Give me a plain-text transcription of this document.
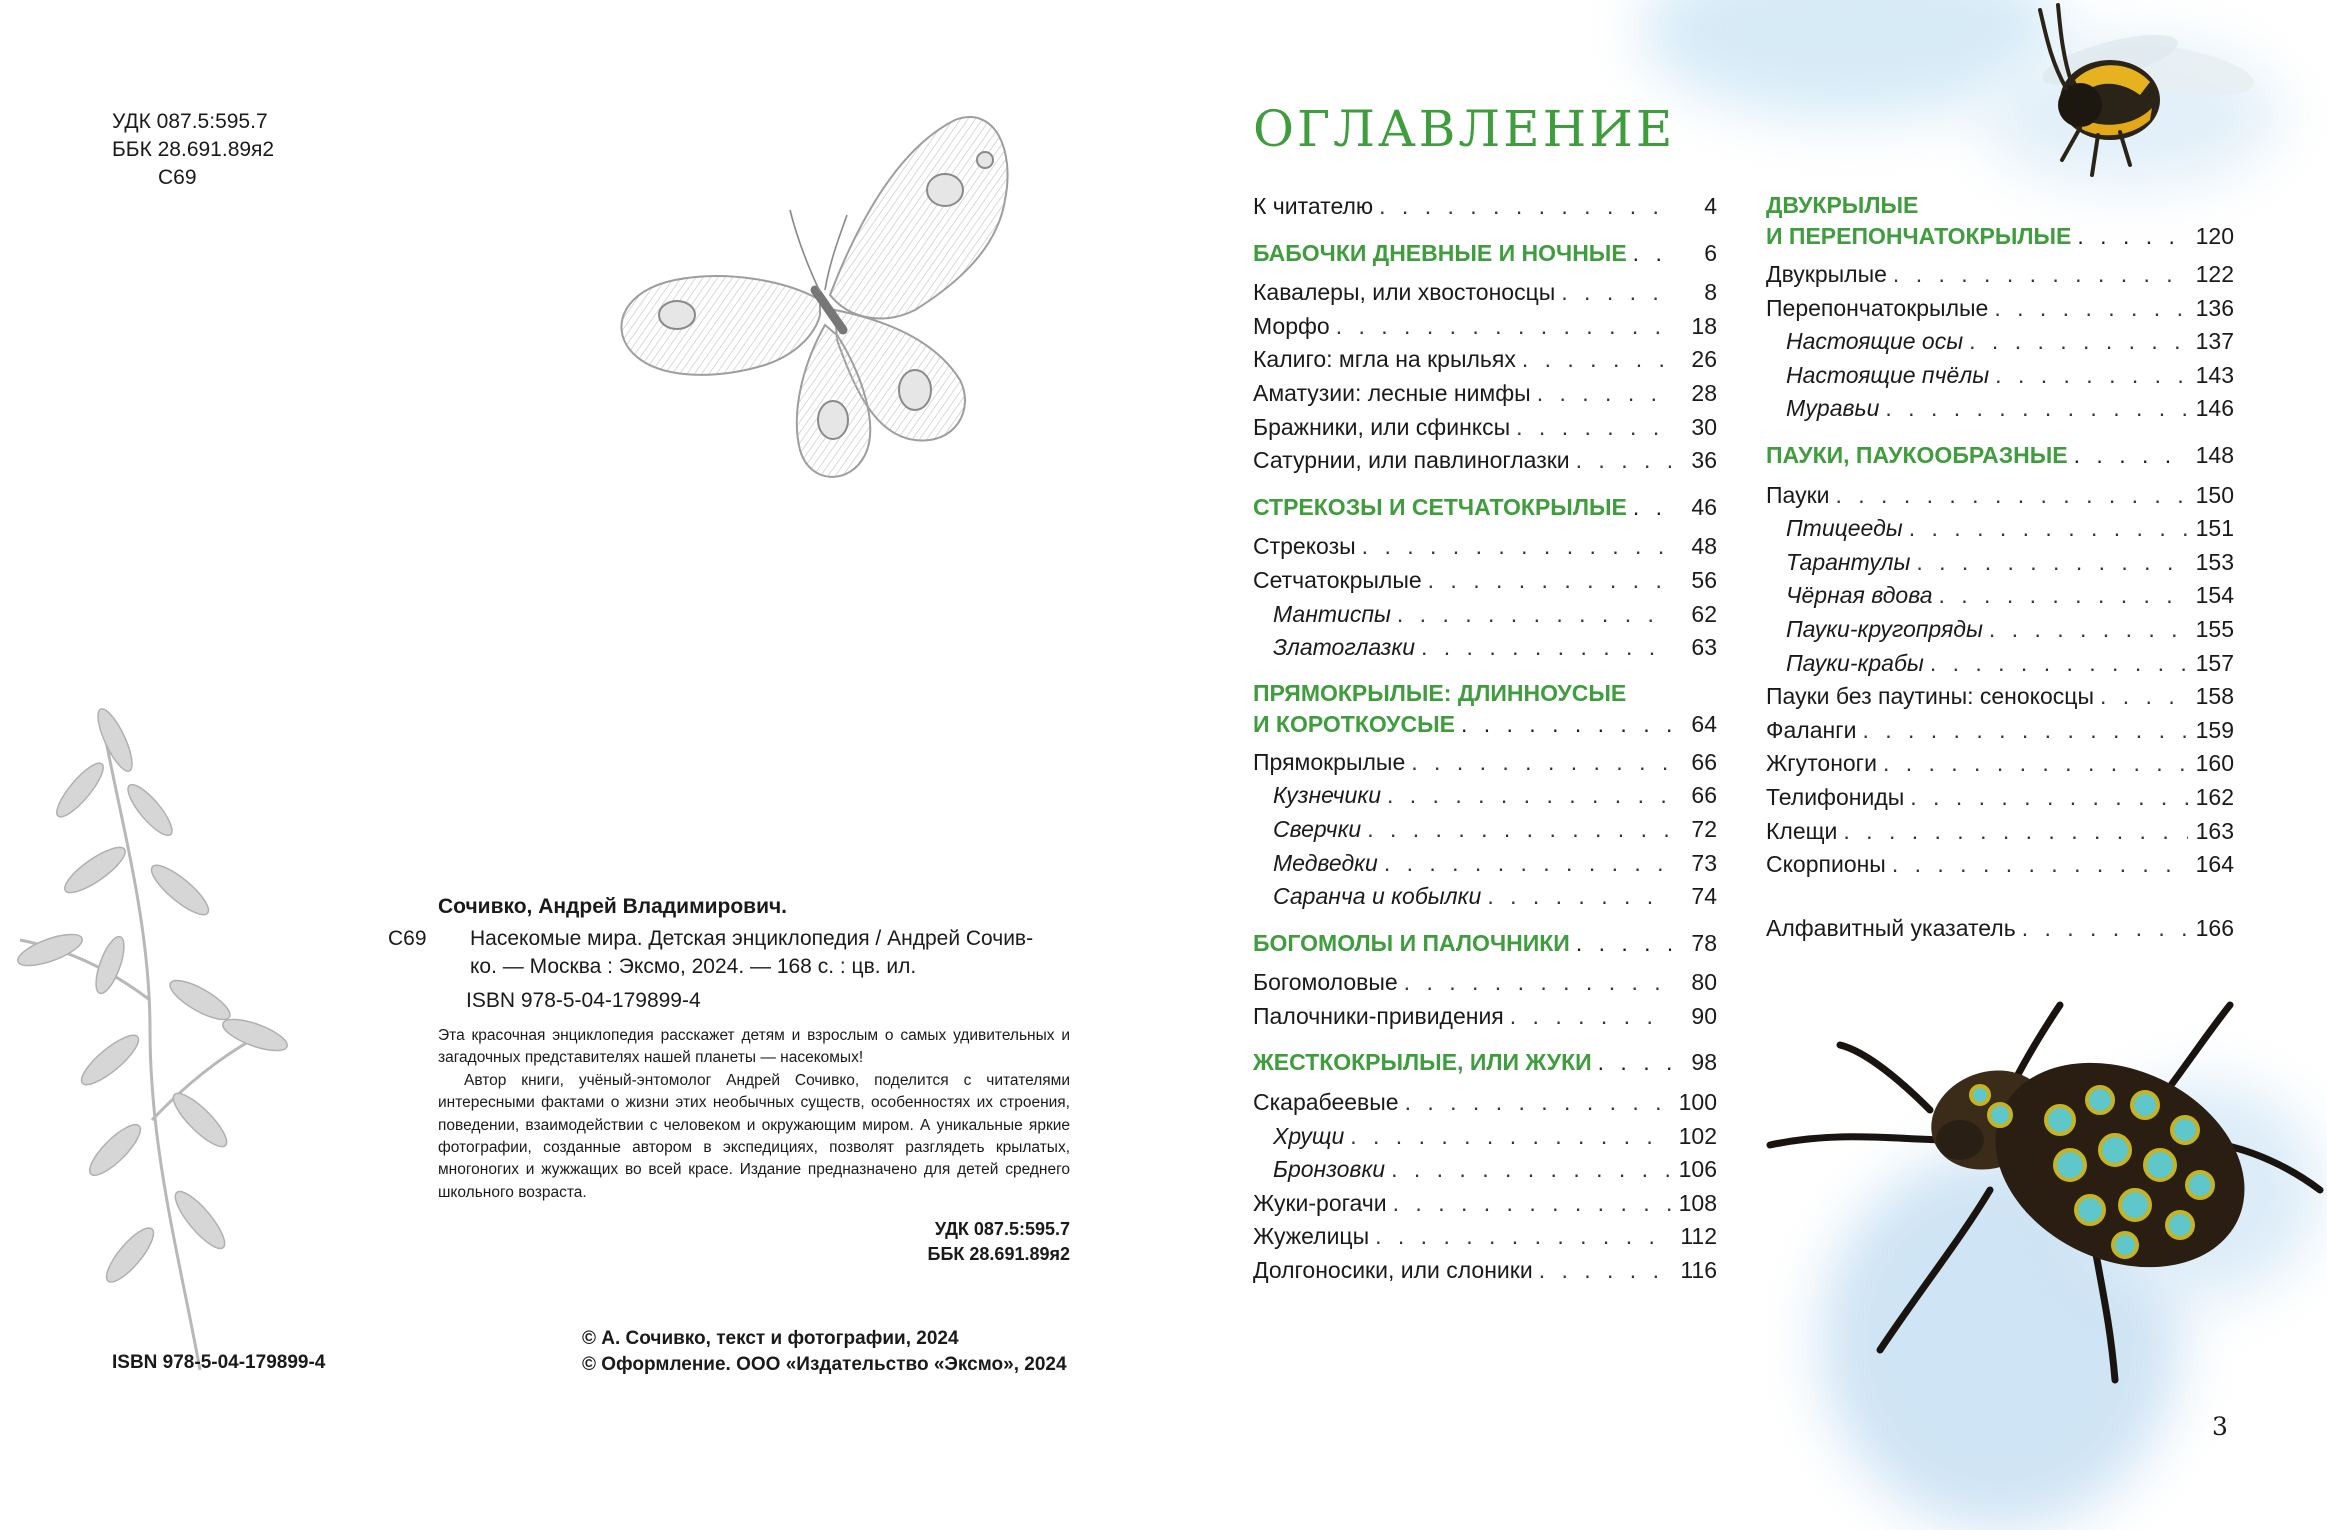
УДК 087.5:595.7
ББК 28.691.89я2
С69
Сочивко, Андрей Владимирович.
С69 Насекомые мира. Детская энциклопедия / Андрей Сочив-
ко. — Москва : Эксмо, 2024. — 168 с. : цв. ил.
ISBN 978-5-04-179899-4

Эта красочная энциклопедия расскажет детям и взрослым о самых удивительных и загадочных представителях нашей планеты — насекомых!

Автор книги, учёный-энтомолог Андрей Сочивко, поделится с читателями интересными фактами о жизни этих необычных существ, особенностях их строения, поведении, взаимодействии с человеком и окружающим миром. А уникальные яркие фотографии, созданные автором в экспедициях, позволят разглядеть крылатых, многоногих и жужжащих во всей красе. Издание предназначено для детей среднего школьного возраста.

УДК 087.5:595.7
ББК 28.691.89я2
© А. Сочивко, текст и фотографии, 2024
© Оформление. ООО «Издательство «Эксмо», 2024
ISBN 978-5-04-179899-4
ОГЛАВЛЕНИЕ
К читателю . . .	4
БАБОЧКИ ДНЕВНЫЕ И НОЧНЫЕ . . .	6
Кавалеры, или хвостоносцы . . .	8
Морфо . . .	18
Калиго: мгла на крыльях . . .	26
Аматузии: лесные нимфы . . .	28
Бражники, или сфинксы . . .	30
Сатурнии, или павлиноглазки . . .	36
СТРЕКОЗЫ И СЕТЧАТОКРЫЛЫЕ . . .	46
Стрекозы . . .	48
Сетчатокрылые . . .	56
Мантиспы . . .	62
Златоглазки . . .	63
ПРЯМОКРЫЛЫЕ: ДЛИННОУСЫЕ
И КОРОТКОУСЫЕ . . .	64
Прямокрылые . . .	66
Кузнечики . . .	66
Сверчки . . .	72
Медведки . . .	73
Саранча и кобылки . . .	74
БОГОМОЛЫ И ПАЛОЧНИКИ . . .	78
Богомоловые . . .	80
Палочники-привидения . . .	90
ЖЕСТКОКРЫЛЫЕ, ИЛИ ЖУКИ . . .	98
Скарабеевые . . .	100
Хрущи . . .	102
Бронзовки . . .	106
Жуки-рогачи . . .	108
Жужелицы . . .	112
Долгоносики, или слоники . . .	116
ДВУКРЫЛЫЕ
И ПЕРЕПОНЧАТОКРЫЛЫЕ . . .	120
Двукрылые . . .	122
Перепончатокрылые . . .	136
Настоящие осы . . .	137
Настоящие пчёлы . . .	143
Муравьи . . .	146
ПАУКИ, ПАУКООБРАЗНЫЕ . . .	148
Пауки . . .	150
Птицееды . . .	151
Тарантулы . . .	153
Чёрная вдова . . .	154
Пауки-кругопряды . . .	155
Пауки-крабы . . .	157
Пауки без паутины: сенокосцы . . .	158
Фаланги . . .	159
Жгутоноги . . .	160
Телифониды . . .	162
Клещи . . .	163
Скорпионы . . .	164
Алфавитный указатель . . .	166
3
